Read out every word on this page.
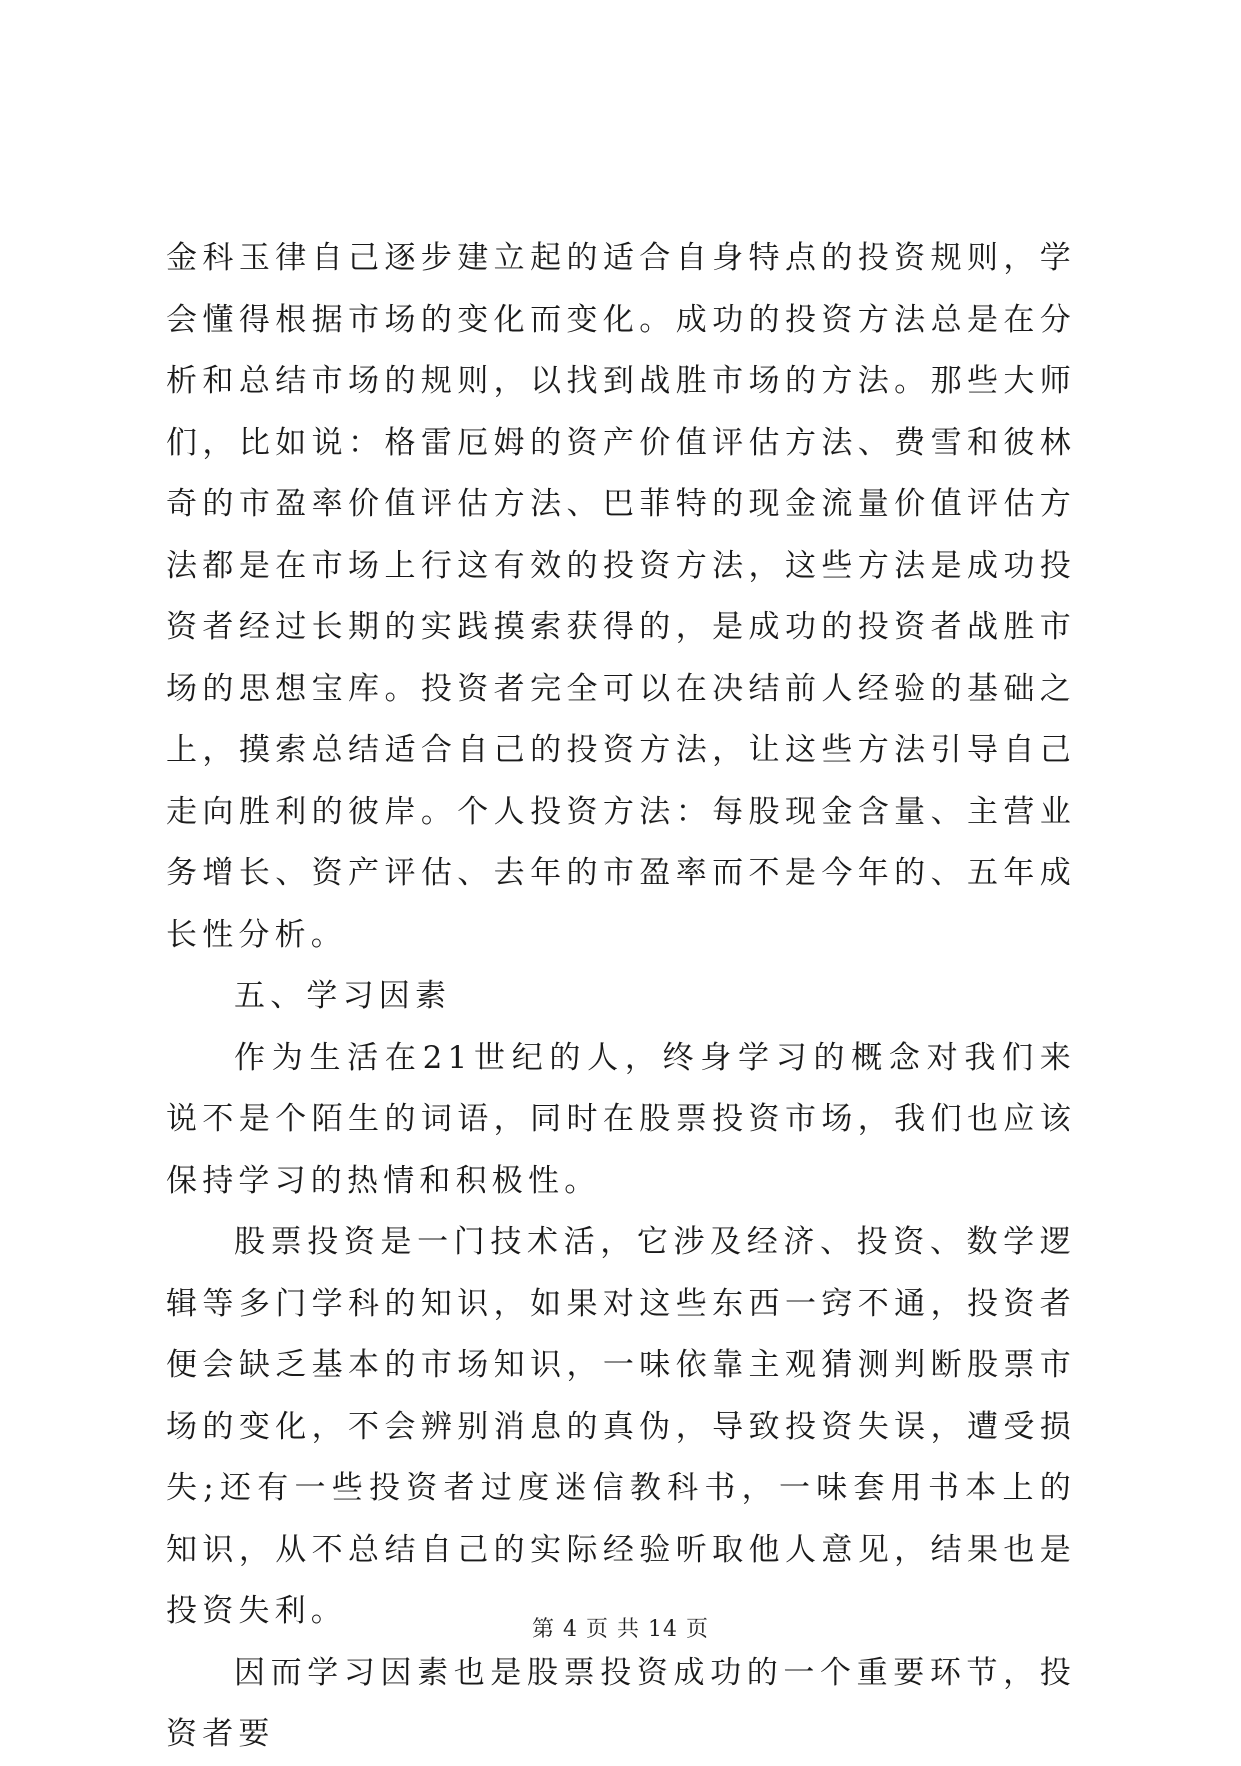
金科玉律自己逐步建立起的适合自身特点的投资规则，学会懂得根据市场的变化而变化。成功的投资方法总是在分析和总结市场的规则，以找到战胜市场的方法。那些大师们，比如说：格雷厄姆的资产价值评估方法、费雪和彼林奇的市盈率价值评估方法、巴菲特的现金流量价值评估方法都是在市场上行这有效的投资方法，这些方法是成功投资者经过长期的实践摸索获得的，是成功的投资者战胜市场的思想宝库。投资者完全可以在决结前人经验的基础之上，摸索总结适合自己的投资方法，让这些方法引导自己走向胜利的彼岸。个人投资方法：每股现金含量、主营业务增长、资产评估、去年的市盈率而不是今年的、五年成长性分析。

五、学习因素

作为生活在21世纪的人，终身学习的概念对我们来说不是个陌生的词语，同时在股票投资市场，我们也应该保持学习的热情和积极性。

股票投资是一门技术活，它涉及经济、投资、数学逻辑等多门学科的知识，如果对这些东西一窍不通，投资者便会缺乏基本的市场知识，一味依靠主观猜测判断股票市场的变化，不会辨别消息的真伪，导致投资失误，遭受损失;还有一些投资者过度迷信教科书，一味套用书本上的知识，从不总结自己的实际经验听取他人意见，结果也是投资失利。

因而学习因素也是股票投资成功的一个重要环节，投资者要

第 4 页 共 14 页
